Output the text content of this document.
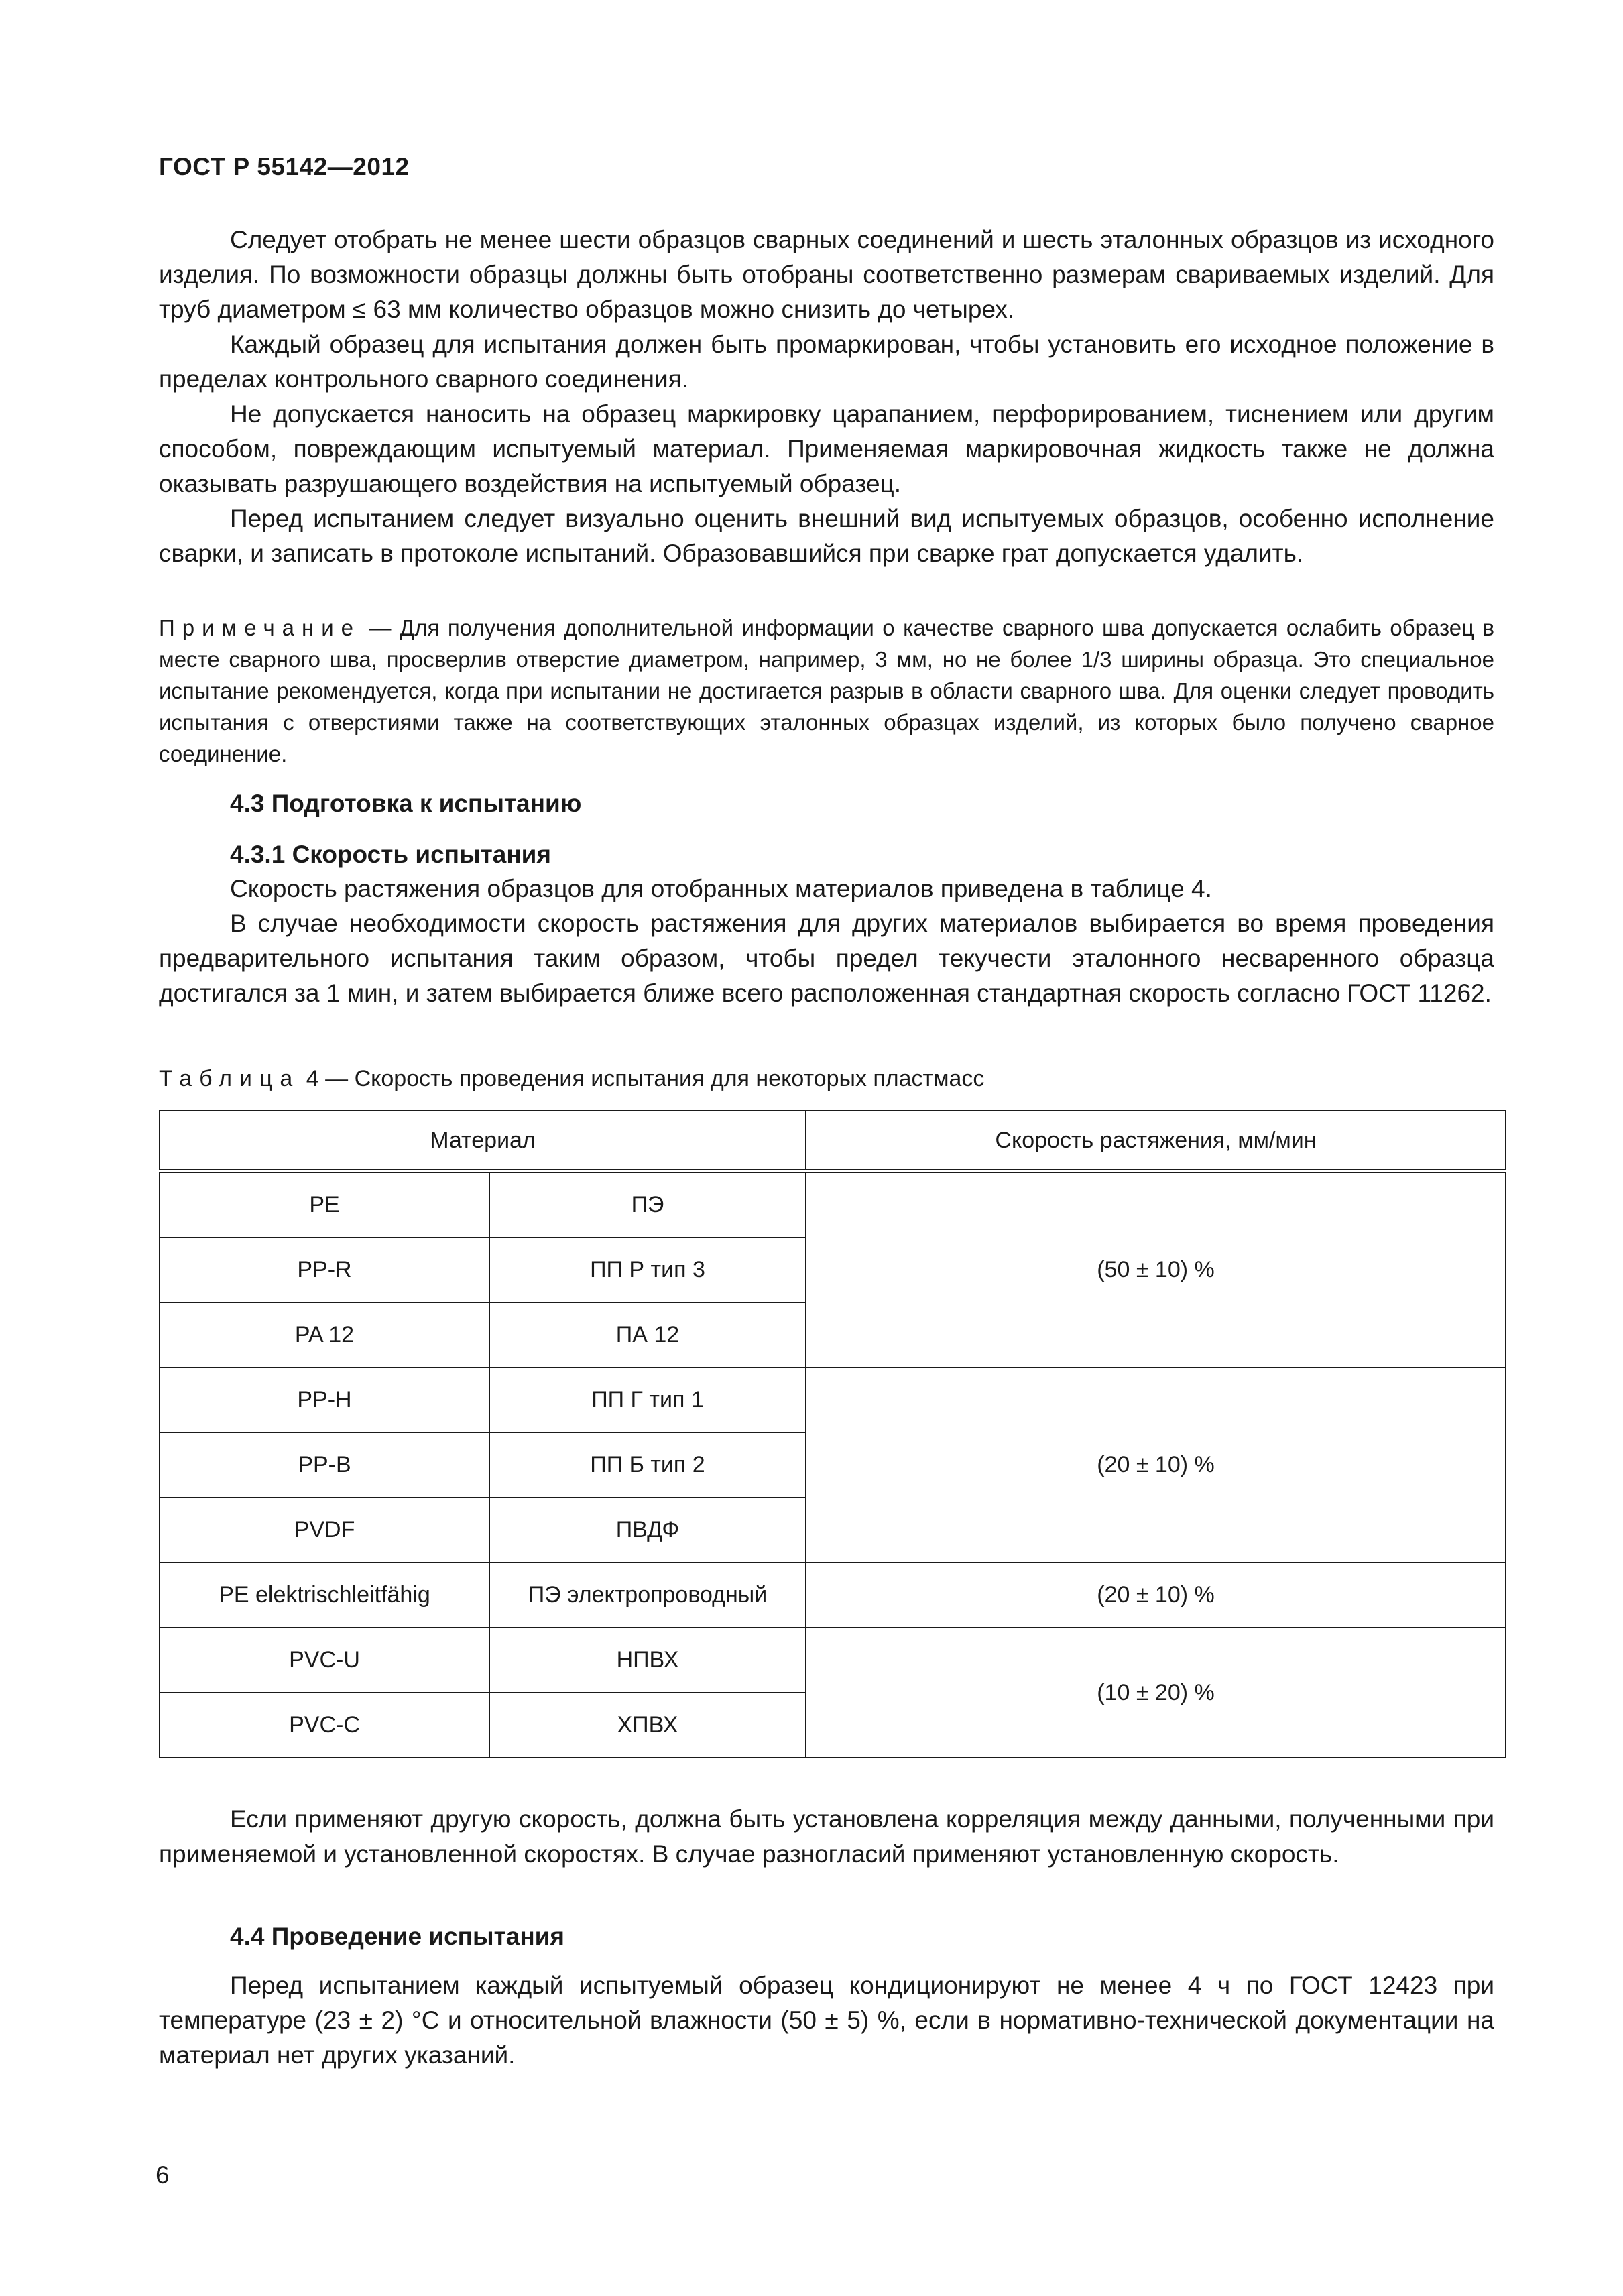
ГОСТ Р 55142—2012

Следует отобрать не менее шести образцов сварных соединений и шесть эталонных образцов из исходного изделия. По возможности образцы должны быть отобраны соответственно размерам свариваемых изделий. Для труб диаметром ≤ 63 мм количество образцов можно снизить до четырех.

Каждый образец для испытания должен быть промаркирован, чтобы установить его исходное положение в пределах контрольного сварного соединения.

Не допускается наносить на образец маркировку царапанием, перфорированием, тиснением или другим способом, повреждающим испытуемый материал. Применяемая маркировочная жидкость также не должна оказывать разрушающего воздействия на испытуемый образец.

Перед испытанием следует визуально оценить внешний вид испытуемых образцов, особенно исполнение сварки, и записать в протоколе испытаний. Образовавшийся при сварке грат допускается удалить.

Примечание — Для получения дополнительной информации о качестве сварного шва допускается ослабить образец в месте сварного шва, просверлив отверстие диаметром, например, 3 мм, но не более 1/3 ширины образца. Это специальное испытание рекомендуется, когда при испытании не достигается разрыв в области сварного шва. Для оценки следует проводить испытания с отверстиями также на соответствующих эталонных образцах изделий, из которых было получено сварное соединение.

4.3 Подготовка к испытанию
4.3.1 Скорость испытания

Скорость растяжения образцов для отобранных материалов приведена в таблице 4.

В случае необходимости скорость растяжения для других материалов выбирается во время проведения предварительного испытания таким образом, чтобы предел текучести эталонного несваренного образца достигался за 1 мин, и затем выбирается ближе всего расположенная стандартная скорость согласно ГОСТ 11262.

Таблица 4 — Скорость проведения испытания для некоторых пластмасс
Материал		Скорость растяжения, мм/мин
PE	ПЭ	(50 ± 10) %
PP-R	ПП Р тип 3	
PA 12	ПА 12	
PP-H	ПП Г тип 1	(20 ± 10) %
PP-B	ПП Б тип 2	
PVDF	ПВДФ	
PE elektrischleitfähig	ПЭ электропроводный	(20 ± 10) %
PVC-U	НПВХ	(10 ± 20) %
PVC-C	ХПВХ	

Если применяют другую скорость, должна быть установлена корреляция между данными, полученными при применяемой и установленной скоростях. В случае разногласий применяют установленную скорость.

4.4 Проведение испытания

Перед испытанием каждый испытуемый образец кондиционируют не менее 4 ч по ГОСТ 12423 при температуре (23 ± 2) °С и относительной влажности (50 ± 5) %, если в нормативно-технической документации на материал нет других указаний.

6
